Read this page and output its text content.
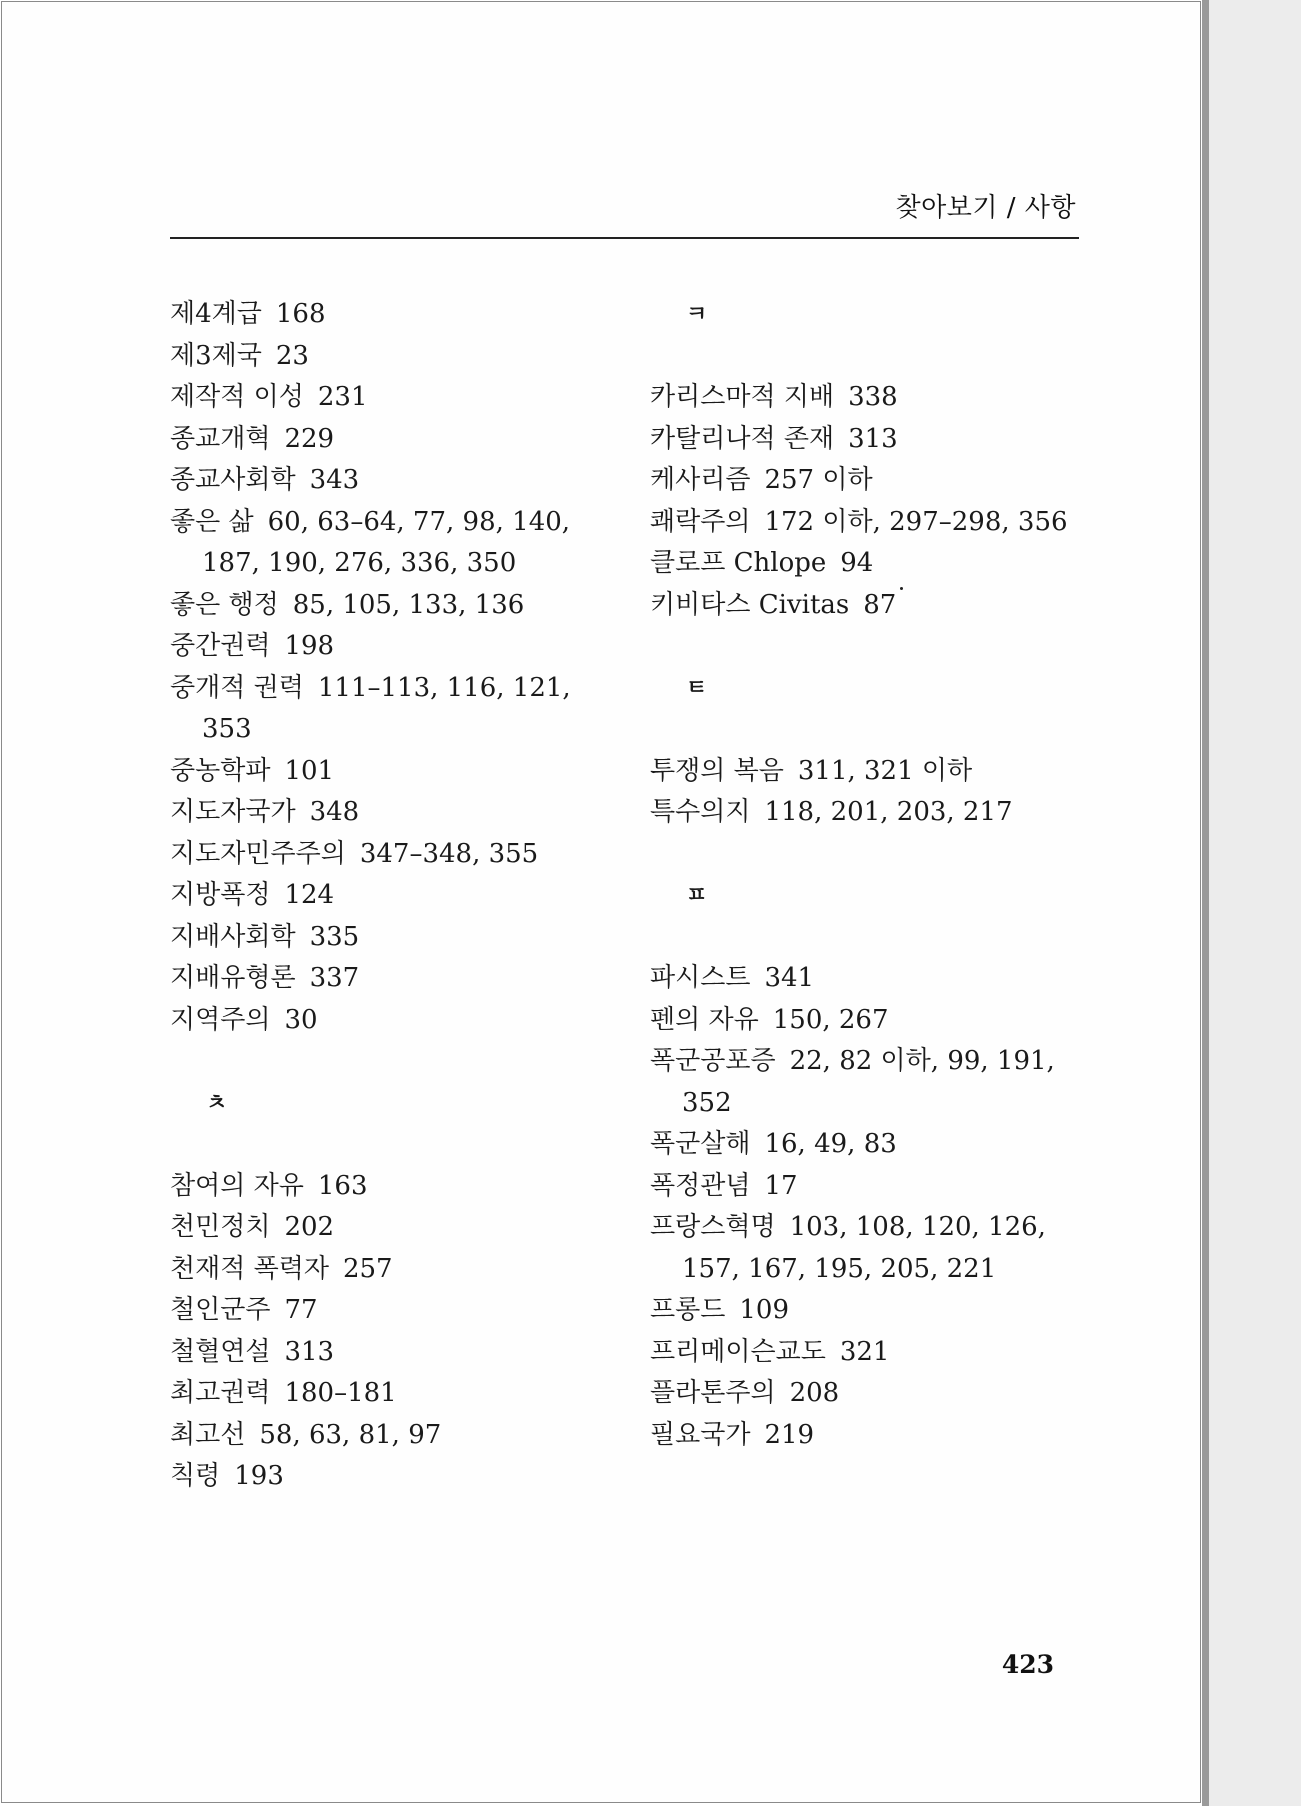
찾아보기 / 사항
제4계급 168
제3제국 23
제작적 이성 231
종교개혁 229
종교사회학 343
좋은 삶 60, 63–64, 77, 98, 140, 187, 190, 276, 336, 350
좋은 행정 85, 105, 133, 136
중간권력 198
중개적 권력 111–113, 116, 121, 353
중농학파 101
지도자국가 348
지도자민주주의 347–348, 355
지방폭정 124
지배사회학 335
지배유형론 337
지역주의 30
ㅊ
참여의 자유 163
천민정치 202
천재적 폭력자 257
철인군주 77
철혈연설 313
최고권력 180–181
최고선 58, 63, 81, 97
칙령 193
ㅋ
카리스마적 지배 338
카탈리나적 존재 313
케사리즘 257 이하
쾌락주의 172 이하, 297–298, 356
클로프 Chlope 94
키비타스 Civitas 87
ㅌ
투쟁의 복음 311, 321 이하
특수의지 118, 201, 203, 217
ㅍ
파시스트 341
펜의 자유 150, 267
폭군공포증 22, 82 이하, 99, 191, 352
폭군살해 16, 49, 83
폭정관념 17
프랑스혁명 103, 108, 120, 126, 157, 167, 195, 205, 221
프롱드 109
프리메이슨교도 321
플라톤주의 208
필요국가 219
423
